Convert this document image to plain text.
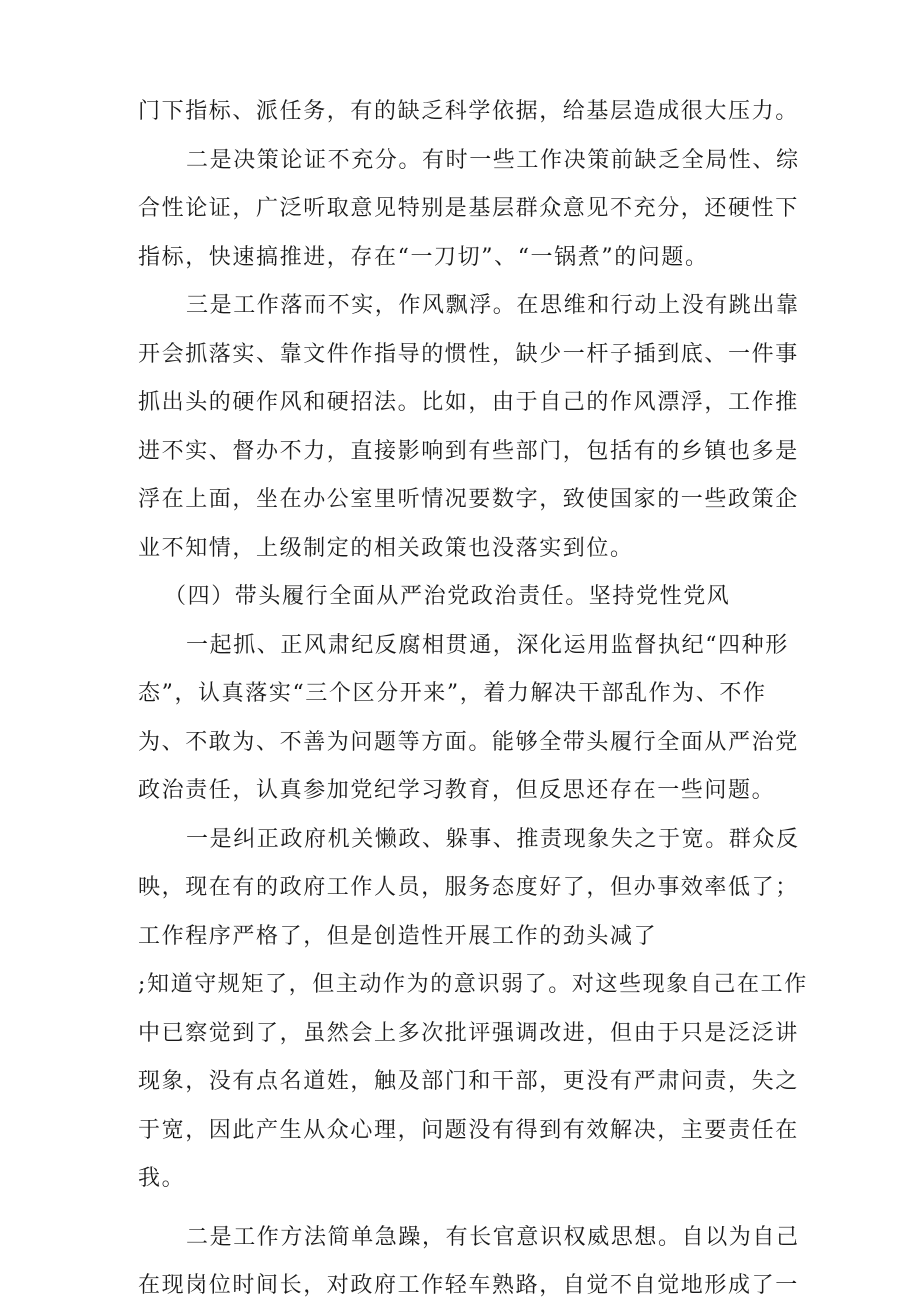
门下指标、派任务，有的缺乏科学依据，给基层造成很大压力。
二是决策论证不充分。有时一些工作决策前缺乏全局性、综
合性论证，广泛听取意见特别是基层群众意见不充分，还硬性下
指标，快速搞推进，存在“一刀切”、“一锅煮”的问题。
三是工作落而不实，作风飘浮。在思维和行动上没有跳出靠
开会抓落实、靠文件作指导的惯性，缺少一杆子插到底、一件事
抓出头的硬作风和硬招法。比如，由于自己的作风漂浮，工作推
进不实、督办不力，直接影响到有些部门，包括有的乡镇也多是
浮在上面，坐在办公室里听情况要数字，致使国家的一些政策企
业不知情，上级制定的相关政策也没落实到位。
（四）带头履行全面从严治党政治责任。坚持党性党风
一起抓、正风肃纪反腐相贯通，深化运用监督执纪“四种形
态”，认真落实“三个区分开来”，着力解决干部乱作为、不作
为、不敢为、不善为问题等方面。能够全带头履行全面从严治党
政治责任，认真参加党纪学习教育，但反思还存在一些问题。
一是纠正政府机关懒政、躲事、推责现象失之于宽。群众反
映，现在有的政府工作人员，服务态度好了，但办事效率低了；
工作程序严格了，但是创造性开展工作的劲头减了
;知道守规矩了，但主动作为的意识弱了。对这些现象自己在工作
中已察觉到了，虽然会上多次批评强调改进，但由于只是泛泛讲
现象，没有点名道姓，触及部门和干部，更没有严肃问责，失之
于宽，因此产生从众心理，问题没有得到有效解决，主要责任在
我。
二是工作方法简单急躁，有长官意识权威思想。自以为自己
在现岗位时间长，对政府工作轻车熟路，自觉不自觉地形成了一
